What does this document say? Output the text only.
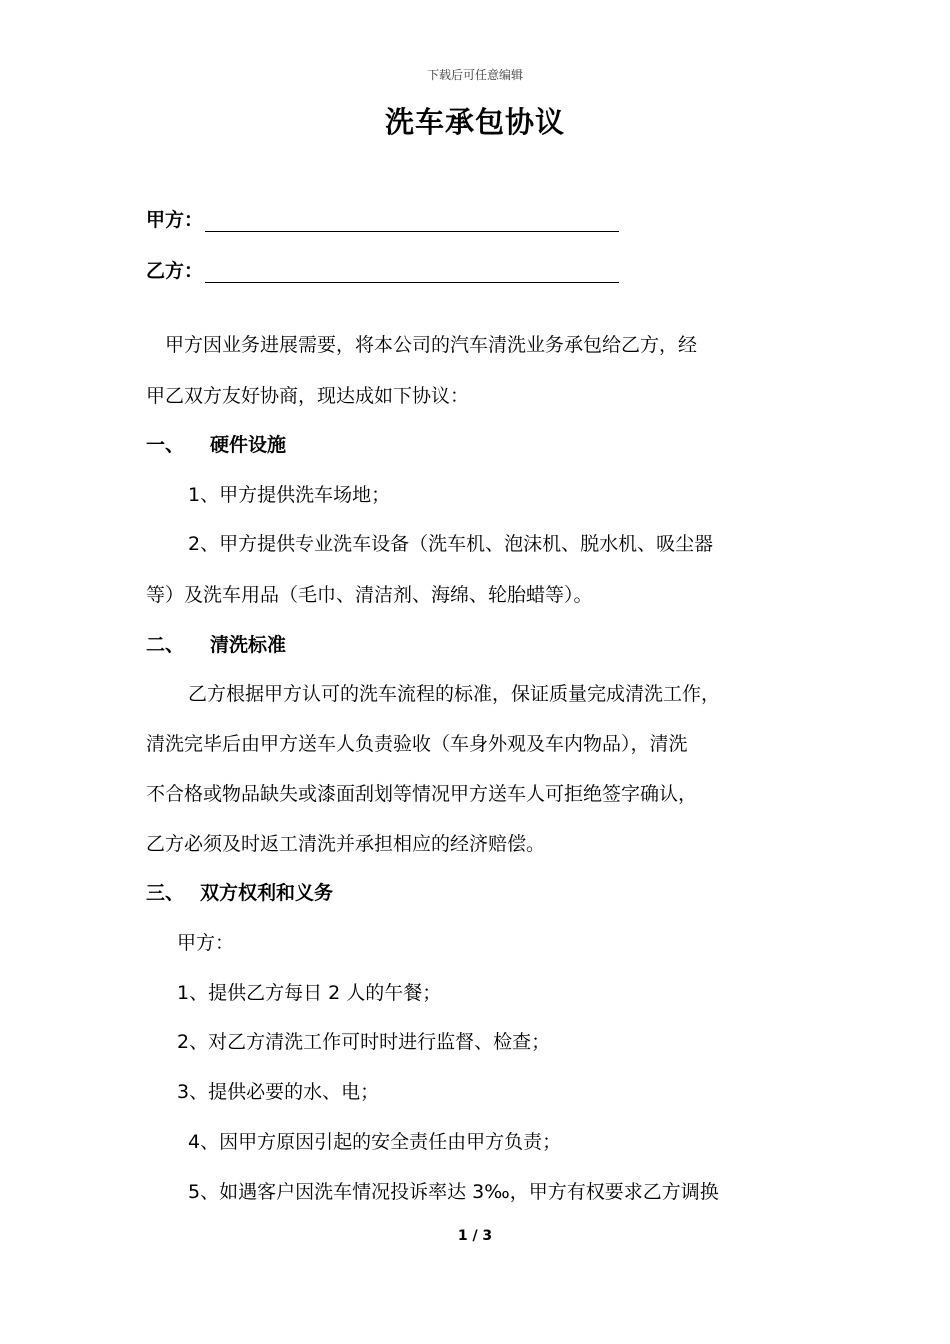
下载后可任意编辑
洗车承包协议
甲方：
乙方：
甲方因业务进展需要，将本公司的汽车清洗业务承包给乙方，经
甲乙双方友好协商，现达成如下协议：
一、 硬件设施
1、甲方提供洗车场地；
2、甲方提供专业洗车设备（洗车机、泡沫机、脱水机、吸尘器
等）及洗车用品（毛巾、清洁剂、海绵、轮胎蜡等）。
二、 清洗标准
乙方根据甲方认可的洗车流程的标准，保证质量完成清洗工作，
清洗完毕后由甲方送车人负责验收（车身外观及车内物品），清洗
不合格或物品缺失或漆面刮划等情况甲方送车人可拒绝签字确认，
乙方必须及时返工清洗并承担相应的经济赔偿。
三、 双方权利和义务
甲方：
1、提供乙方每日 2 人的午餐；
2、对乙方清洗工作可时时进行监督、检查；
3、提供必要的水、电；
4、因甲方原因引起的安全责任由甲方负责；
5、如遇客户因洗车情况投诉率达 3‰，甲方有权要求乙方调换
1 / 3
